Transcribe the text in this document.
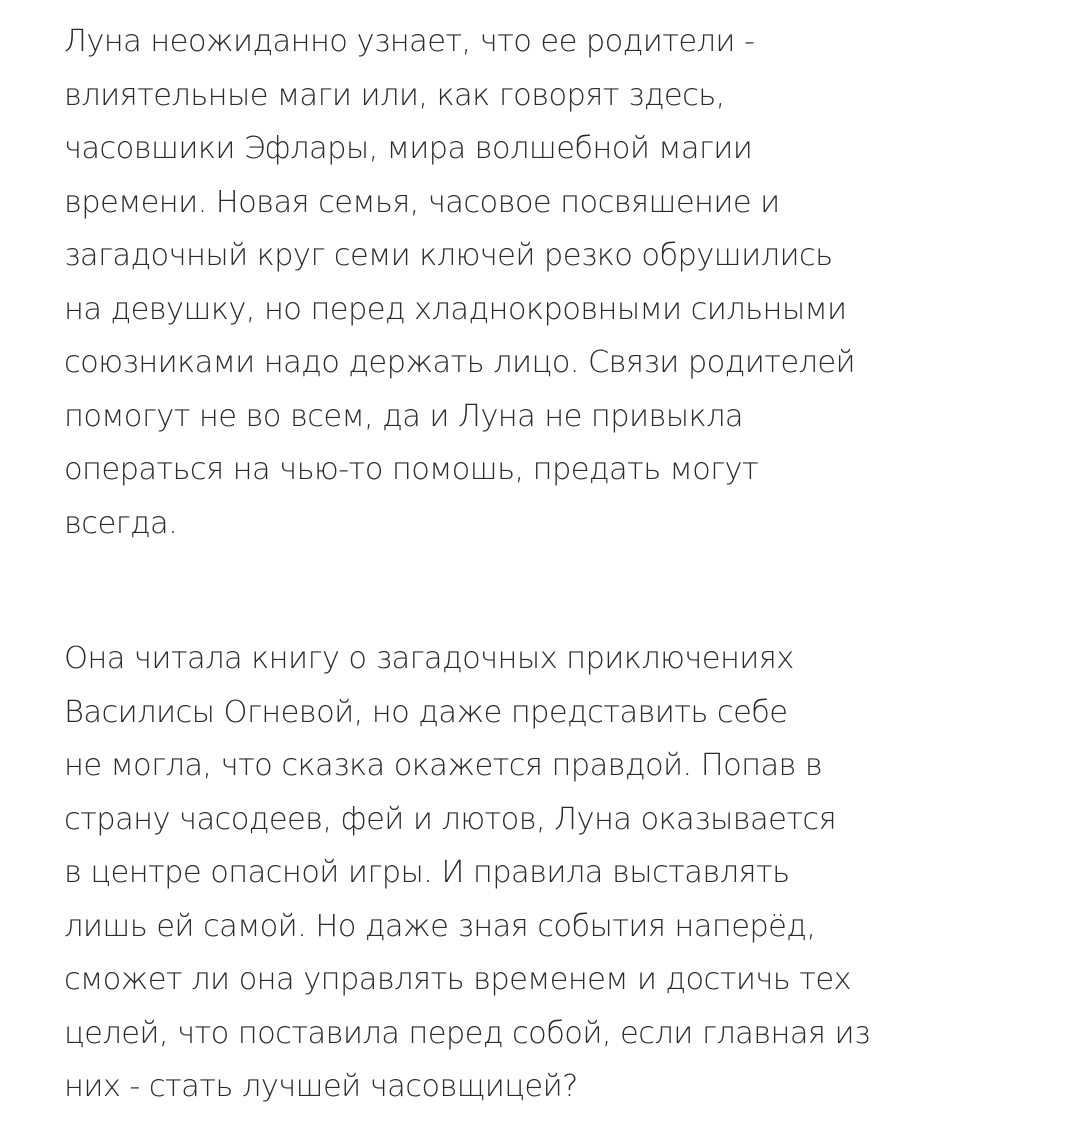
Луна неожиданно узнает, что ее родители -
влиятельные маги или, как говорят здесь,
часовшики Эфлары, мира волшебной магии
времени. Новая семья, часовое посвяшение и
загадочный круг семи ключей резко обрушились
на девушку, но перед хладнокровными сильными
союзниками надо держать лицо. Связи родителей
помогут не во всем, да и Луна не привыкла
операться на чью-то помошь, предать могут
всегда.

Она читала книгу о загадочных приключениях
Василисы Огневой, но даже представить себе
не могла, что сказка окажется правдой. Попав в
страну часодеев, фей и лютов, Луна оказывается
в центре опасной игры. И правила выставлять
лишь ей самой. Но даже зная события наперёд,
сможет ли она управлять временем и достичь тех
целей, что поставила перед собой, если главная из
них - стать лучшей часовщицей?
